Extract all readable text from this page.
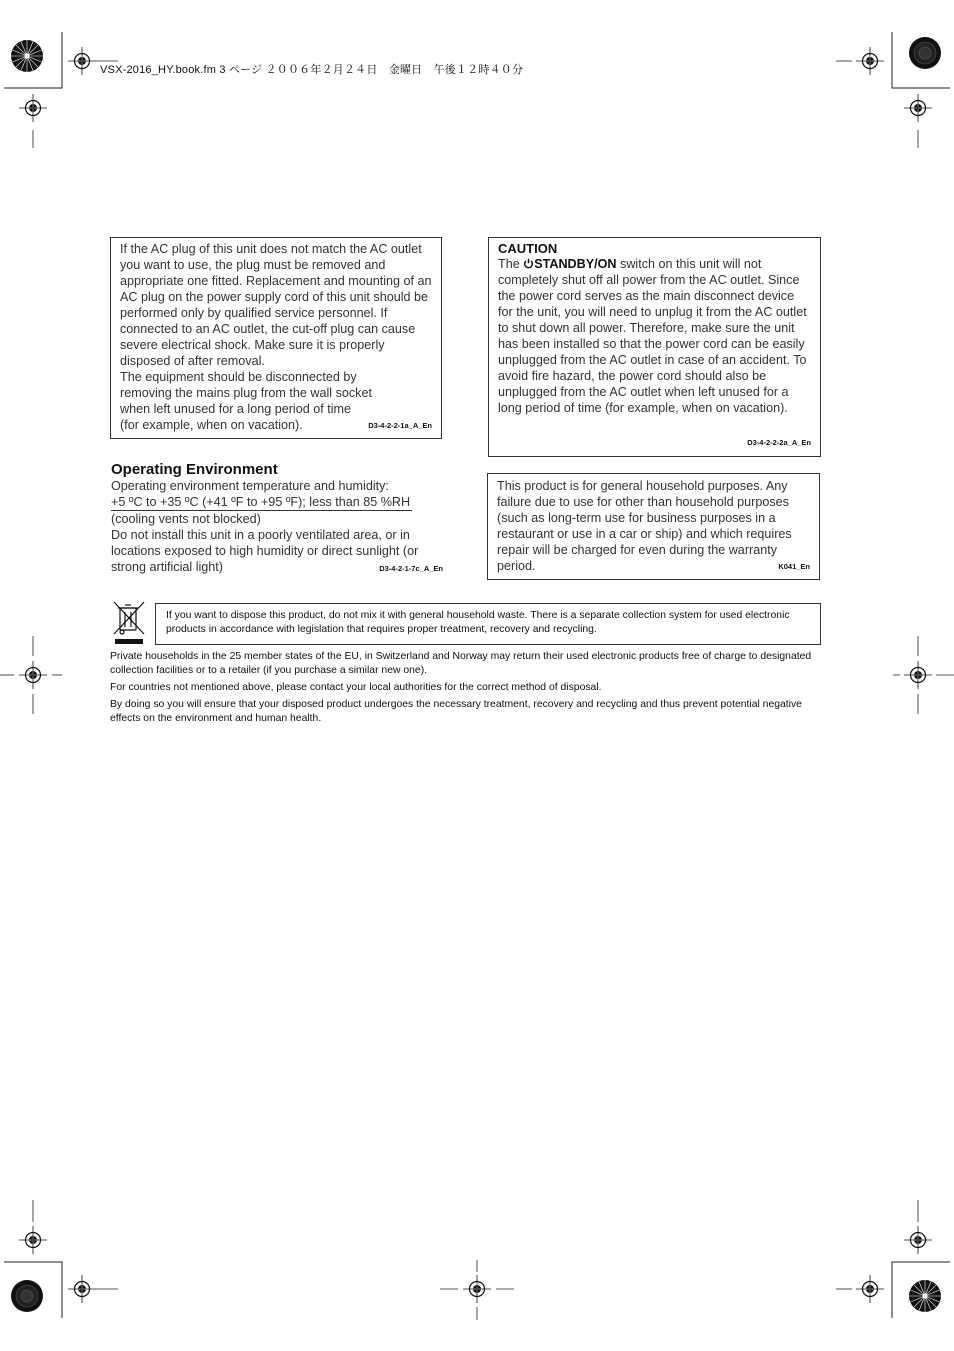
VSX-2016_HY.book.fm 3 ページ ２００６年２月２４日　金曜日　午後１２時４０分
If the AC plug of this unit does not match the AC outlet you want to use, the plug must be removed and appropriate one fitted. Replacement and mounting of an AC plug on the power supply cord of this unit should be performed only by qualified service personnel. If connected to an AC outlet, the cut-off plug can cause severe electrical shock. Make sure it is properly disposed of after removal.
The equipment should be disconnected by removing the mains plug from the wall socket when left unused for a long period of time (for example, when on vacation).	D3-4-2-2-1a_A_En
CAUTION
The STANDBY/ON switch on this unit will not completely shut off all power from the AC outlet. Since the power cord serves as the main disconnect device for the unit, you will need to unplug it from the AC outlet to shut down all power. Therefore, make sure the unit has been installed so that the power cord can be easily unplugged from the AC outlet in case of an accident. To avoid fire hazard, the power cord should also be unplugged from the AC outlet when left unused for a long period of time (for example, when on vacation).
D3-4-2-2-2a_A_En
Operating Environment
Operating environment temperature and humidity:
+5 ºC to +35 ºC (+41 ºF to +95 ºF); less than 85 %RH
(cooling vents not blocked)
Do not install this unit in a poorly ventilated area, or in locations exposed to high humidity or direct sunlight (or strong artificial light)	D3-4-2-1-7c_A_En
This product is for general household purposes. Any failure due to use for other than household purposes (such as long-term use for business purposes in a restaurant or use in a car or ship) and which requires repair will be charged for even during the warranty period.	K041_En
If you want to dispose this product, do not mix it with general household waste. There is a separate collection system for used electronic products in accordance with legislation that requires proper treatment, recovery and recycling.
Private households in the 25 member states of the EU, in Switzerland and Norway may return their used electronic products free of charge to designated collection facilities or to a retailer (if you purchase a similar new one).
For countries not mentioned above, please contact your local authorities for the correct method of disposal.
By doing so you will ensure that your disposed product undergoes the necessary treatment, recovery and recycling and thus prevent potential negative effects on the environment and human health.
